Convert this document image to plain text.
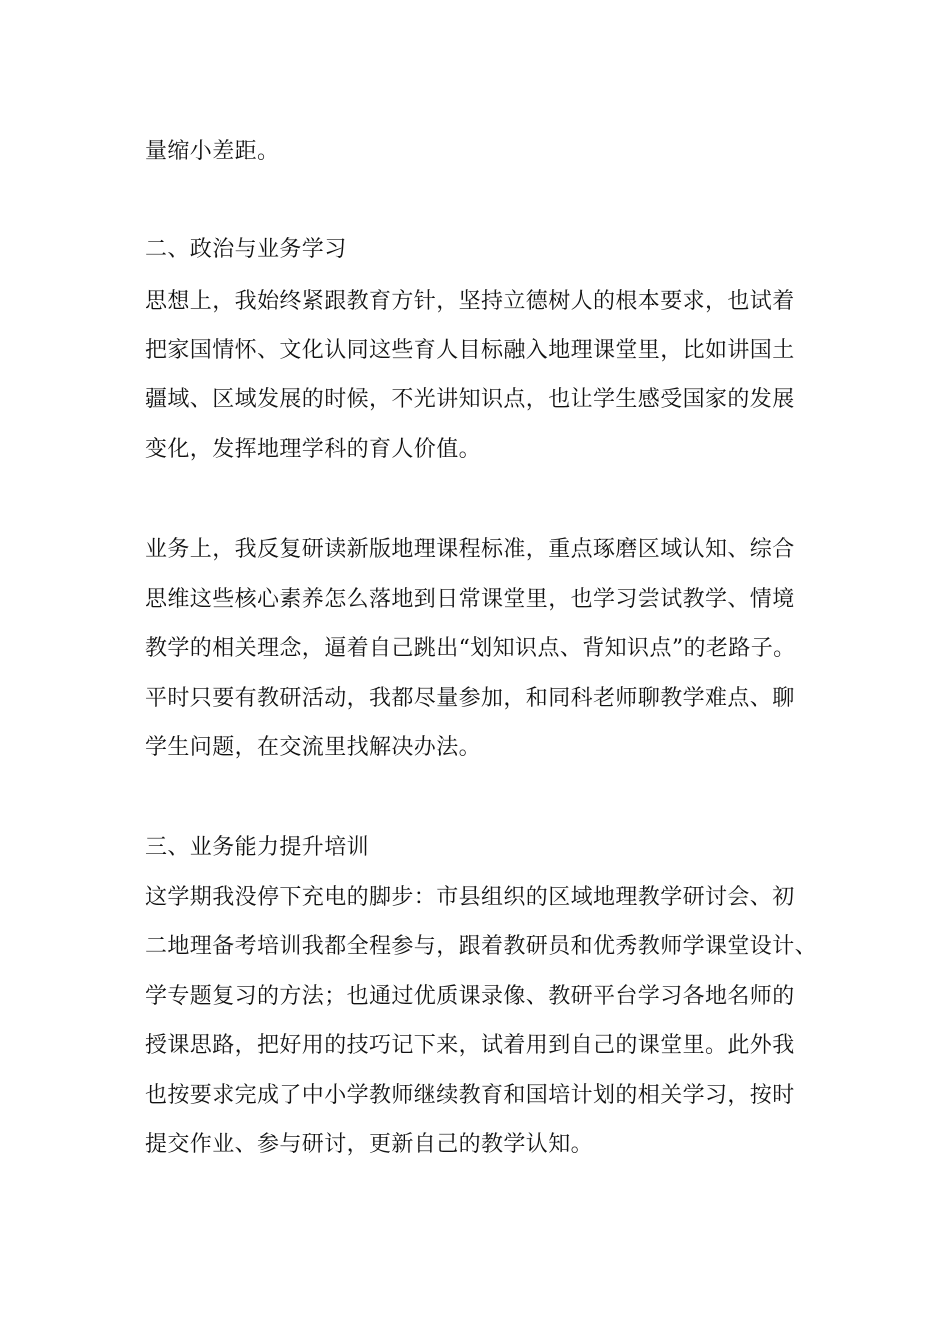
量缩小差距。

二、政治与业务学习

思想上，我始终紧跟教育方针，坚持立德树人的根本要求，也试着

把家国情怀、文化认同这些育人目标融入地理课堂里，比如讲国土

疆域、区域发展的时候，不光讲知识点，也让学生感受国家的发展

变化，发挥地理学科的育人价值。

业务上，我反复研读新版地理课程标准，重点琢磨区域认知、综合

思维这些核心素养怎么落地到日常课堂里，也学习尝试教学、情境

教学的相关理念，逼着自己跳出“划知识点、背知识点”的老路子。

平时只要有教研活动，我都尽量参加，和同科老师聊教学难点、聊

学生问题，在交流里找解决办法。

三、业务能力提升培训

这学期我没停下充电的脚步：市县组织的区域地理教学研讨会、初

二地理备考培训我都全程参与，跟着教研员和优秀教师学课堂设计、

学专题复习的方法；也通过优质课录像、教研平台学习各地名师的

授课思路，把好用的技巧记下来，试着用到自己的课堂里。此外我

也按要求完成了中小学教师继续教育和国培计划的相关学习，按时

提交作业、参与研讨，更新自己的教学认知。
